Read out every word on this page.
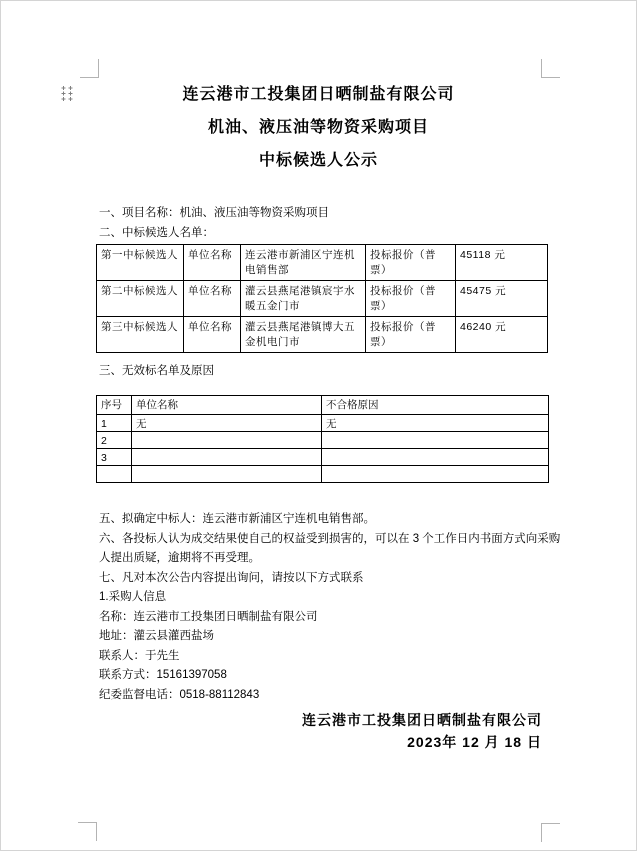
连云港市工投集团日晒制盐有限公司

机油、液压油等物资采购项目

中标候选人公示

一、项目名称：机油、液压油等物资采购项目

二、中标候选人名单：

第一中标候选人	单位名称	连云港市新浦区宁连机电销售部	投标报价（普票）	45118 元
第二中标候选人	单位名称	灌云县燕尾港镇宸宇水暖五金门市	投标报价（普票）	45475 元
第三中标候选人	单位名称	灌云县燕尾港镇博大五金机电门市	投标报价（普票）	46240 元

三、无效标名单及原因

序号	单位名称	不合格原因
1	无	无
2		
3		

五、拟确定中标人：连云港市新浦区宁连机电销售部。

六、各投标人认为成交结果使自己的权益受到损害的，可以在 3 个工作日内书面方式向采购人提出质疑，逾期将不再受理。

七、凡对本次公告内容提出询问，请按以下方式联系

1.采购人信息

名称：连云港市工投集团日晒制盐有限公司

地址：灌云县灌西盐场

联系人：于先生

联系方式：15161397058

纪委监督电话：0518-88112843

连云港市工投集团日晒制盐有限公司

2023年 12 月 18 日
